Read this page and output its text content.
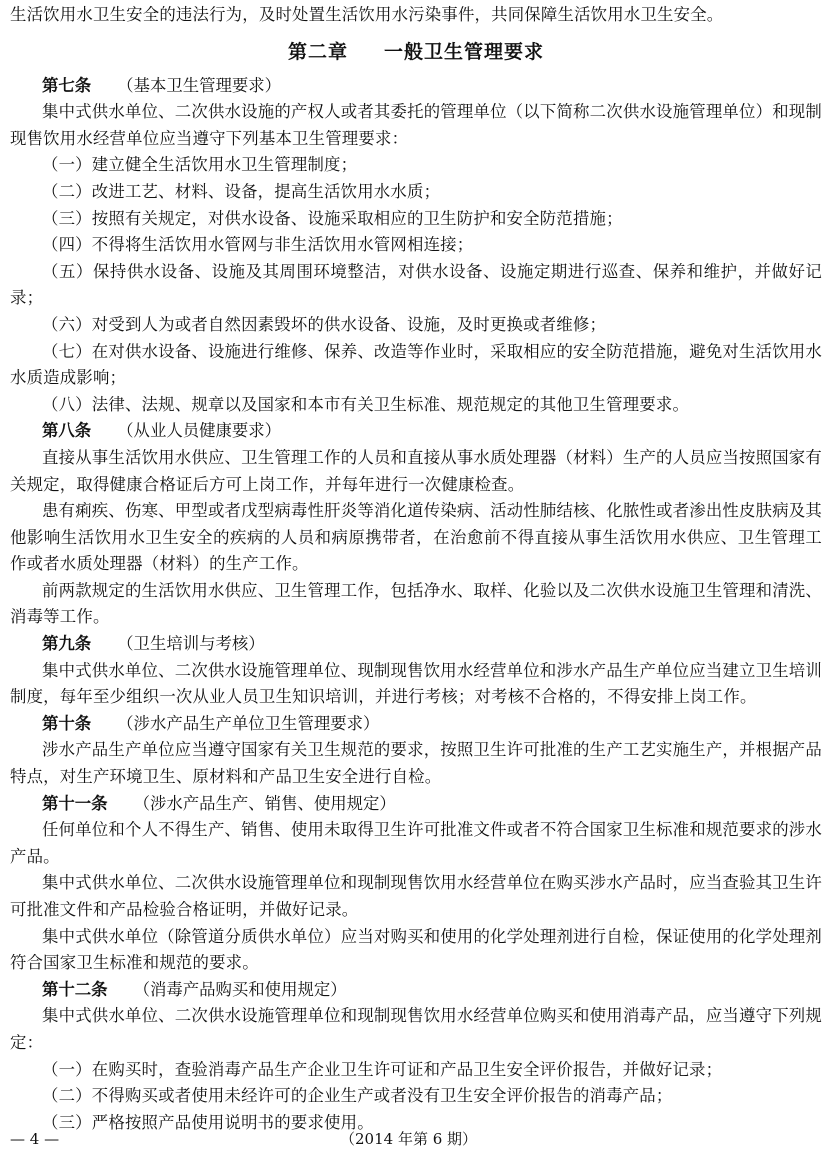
生活饮用水卫生安全的违法行为，及时处置生活饮用水污染事件，共同保障生活饮用水卫生安全。

第二章 一般卫生管理要求
第七条 （基本卫生管理要求）

集中式供水单位、二次供水设施的产权人或者其委托的管理单位（以下简称二次供水设施管理单位）和现制现售饮用水经营单位应当遵守下列基本卫生管理要求：

（一）建立健全生活饮用水卫生管理制度；

（二）改进工艺、材料、设备，提高生活饮用水水质；

（三）按照有关规定，对供水设备、设施采取相应的卫生防护和安全防范措施；

（四）不得将生活饮用水管网与非生活饮用水管网相连接；

（五）保持供水设备、设施及其周围环境整洁，对供水设备、设施定期进行巡查、保养和维护，并做好记录；

（六）对受到人为或者自然因素毁坏的供水设备、设施，及时更换或者维修；

（七）在对供水设备、设施进行维修、保养、改造等作业时，采取相应的安全防范措施，避免对生活饮用水水质造成影响；

（八）法律、法规、规章以及国家和本市有关卫生标准、规范规定的其他卫生管理要求。

第八条 （从业人员健康要求）

直接从事生活饮用水供应、卫生管理工作的人员和直接从事水质处理器（材料）生产的人员应当按照国家有关规定，取得健康合格证后方可上岗工作，并每年进行一次健康检查。

患有痢疾、伤寒、甲型或者戊型病毒性肝炎等消化道传染病、活动性肺结核、化脓性或者渗出性皮肤病及其他影响生活饮用水卫生安全的疾病的人员和病原携带者，在治愈前不得直接从事生活饮用水供应、卫生管理工作或者水质处理器（材料）的生产工作。

前两款规定的生活饮用水供应、卫生管理工作，包括净水、取样、化验以及二次供水设施卫生管理和清洗、消毒等工作。

第九条 （卫生培训与考核）

集中式供水单位、二次供水设施管理单位、现制现售饮用水经营单位和涉水产品生产单位应当建立卫生培训制度，每年至少组织一次从业人员卫生知识培训，并进行考核；对考核不合格的，不得安排上岗工作。

第十条 （涉水产品生产单位卫生管理要求）

涉水产品生产单位应当遵守国家有关卫生规范的要求，按照卫生许可批准的生产工艺实施生产，并根据产品特点，对生产环境卫生、原材料和产品卫生安全进行自检。

第十一条 （涉水产品生产、销售、使用规定）

任何单位和个人不得生产、销售、使用未取得卫生许可批准文件或者不符合国家卫生标准和规范要求的涉水产品。

集中式供水单位、二次供水设施管理单位和现制现售饮用水经营单位在购买涉水产品时，应当查验其卫生许可批准文件和产品检验合格证明，并做好记录。

集中式供水单位（除管道分质供水单位）应当对购买和使用的化学处理剂进行自检，保证使用的化学处理剂符合国家卫生标准和规范的要求。

第十二条 （消毒产品购买和使用规定）

集中式供水单位、二次供水设施管理单位和现制现售饮用水经营单位购买和使用消毒产品，应当遵守下列规定：

（一）在购买时，查验消毒产品生产企业卫生许可证和产品卫生安全评价报告，并做好记录；

（二）不得购买或者使用未经许可的企业生产或者没有卫生安全评价报告的消毒产品；

（三）严格按照产品使用说明书的要求使用。

— 4 —	（2014 年第 6 期）
